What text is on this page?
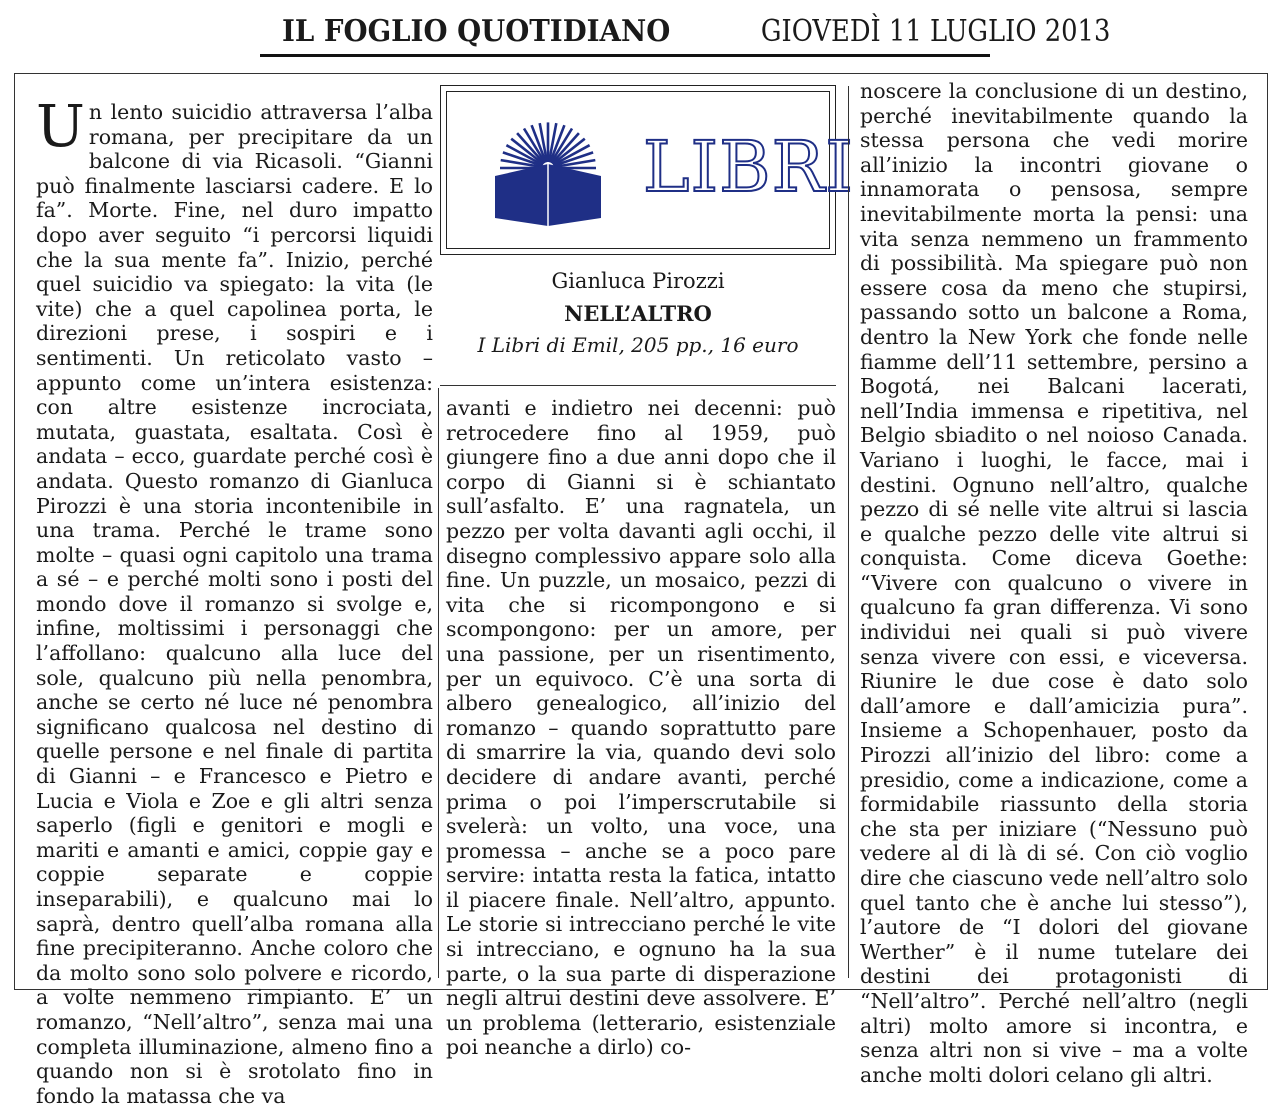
IL FOGLIO QUOTIDIANO	GIOVEDÌ 11 LUGLIO 2013
LIBRI
Gianluca Pirozzi
NELL’ALTRO
I Libri di Emil, 205 pp., 16 euro

Un lento suicidio attraversa l’alba romana, per precipitare da un balcone di via Ricasoli. “Gianni può finalmente lasciarsi cadere. E lo fa”. Morte. Fine, nel duro impatto dopo aver seguito “i percorsi liquidi che la sua mente fa”. Inizio, perché quel suicidio va spiegato: la vita (le vite) che a quel capolinea porta, le direzioni prese, i sospiri e i sentimenti. Un reticolato vasto – appunto come un’intera esistenza: con altre esistenze incrociata, mutata, guastata, esaltata. Così è andata – ecco, guardate perché così è andata. Questo romanzo di Gianluca Pirozzi è una storia incontenibile in una trama. Perché le trame sono molte – quasi ogni capitolo una trama a sé – e perché molti sono i posti del mondo dove il romanzo si svolge e, infine, moltissimi i personaggi che l’affollano: qualcuno alla luce del sole, qualcuno più nella penombra, anche se certo né luce né penombra significano qualcosa nel destino di quelle persone e nel finale di partita di Gianni – e Francesco e Pietro e Lucia e Viola e Zoe e gli altri senza saperlo (figli e genitori e mogli e mariti e amanti e amici, coppie gay e coppie separate e coppie inseparabili), e qualcuno mai lo saprà, dentro quell’alba romana alla fine precipiteranno. Anche coloro che da molto sono solo polvere e ricordo, a volte nemmeno rimpianto. E’ un romanzo, “Nell’altro”, senza mai una completa illuminazione, almeno fino a quando non si è srotolato fino in fondo la matassa che va

avanti e indietro nei decenni: può retrocedere fino al 1959, può giungere fino a due anni dopo che il corpo di Gianni si è schiantato sull’asfalto. E’ una ragnatela, un pezzo per volta davanti agli occhi, il disegno complessivo appare solo alla fine. Un puzzle, un mosaico, pezzi di vita che si ricompongono e si scompongono: per un amore, per una passione, per un risentimento, per un equivoco. C’è una sorta di albero genealogico, all’inizio del romanzo – quando soprattutto pare di smarrire la via, quando devi solo decidere di andare avanti, perché prima o poi l’imperscrutabile si svelerà: un volto, una voce, una promessa – anche se a poco pare servire: intatta resta la fatica, intatto il piacere finale. Nell’altro, appunto. Le storie si intrecciano perché le vite si intrecciano, e ognuno ha la sua parte, o la sua parte di disperazione negli altrui destini deve assolvere. E’ un problema (letterario, esistenziale poi neanche a dirlo) co-

noscere la conclusione di un destino, perché inevitabilmente quando la stessa persona che vedi morire all’inizio la incontri giovane o innamorata o pensosa, sempre inevitabilmente morta la pensi: una vita senza nemmeno un frammento di possibilità. Ma spiegare può non essere cosa da meno che stupirsi, passando sotto un balcone a Roma, dentro la New York che fonde nelle fiamme dell’11 settembre, persino a Bogotá, nei Balcani lacerati, nell’India immensa e ripetitiva, nel Belgio sbiadito o nel noioso Canada. Variano i luoghi, le facce, mai i destini. Ognuno nell’altro, qualche pezzo di sé nelle vite altrui si lascia e qualche pezzo delle vite altrui si conquista. Come diceva Goethe: “Vivere con qualcuno o vivere in qualcuno fa gran differenza. Vi sono individui nei quali si può vivere senza vivere con essi, e viceversa. Riunire le due cose è dato solo dall’amore e dall’amicizia pura”. Insieme a Schopenhauer, posto da Pirozzi all’inizio del libro: come a presidio, come a indicazione, come a formidabile riassunto della storia che sta per iniziare (“Nessuno può vedere al di là di sé. Con ciò voglio dire che ciascuno vede nell’altro solo quel tanto che è anche lui stesso”), l’autore de “I dolori del giovane Werther” è il nume tutelare dei destini dei protagonisti di “Nell’altro”. Perché nell’altro (negli altri) molto amore si incontra, e senza altri non si vive – ma a volte anche molti dolori celano gli altri.
